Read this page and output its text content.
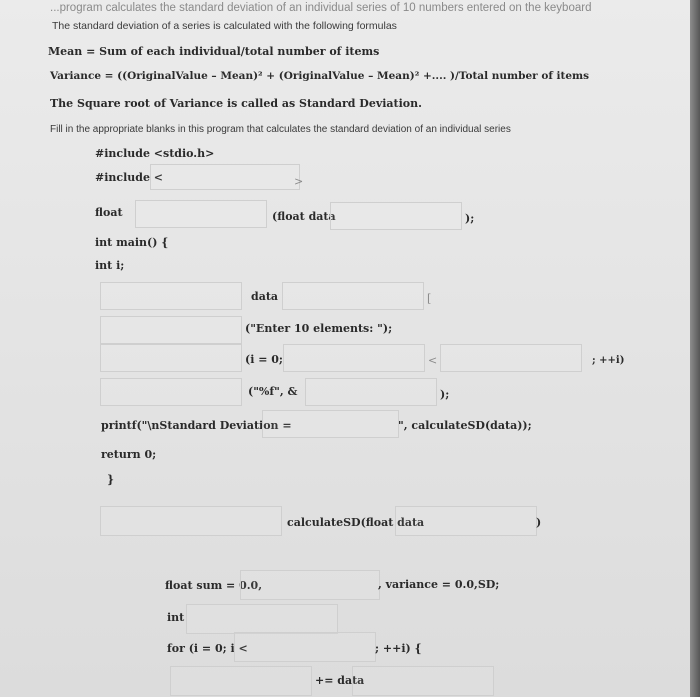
...program calculates the standard deviation of an individual series of 10 numbers entered on the keyboard
The standard deviation of a series is calculated with the following formulas
Mean = Sum of each individual/total number of items
Variance = ((OriginalValue – Mean)² + (OriginalValue – Mean)² +.... )/Total number of items
The Square root of Variance is called as Standard Deviation.
Fill in the appropriate blanks in this program that calculates the standard deviation of an individual series
#include <stdio.h>
#include <	>
float	(float data	);
int main() {
int i;
data	[
("Enter 10 elements: ");
(i = 0;	<	; ++i)
("%f", &	);
printf("\nStandard Deviation =	", calculateSD(data));
return 0;
}
calculateSD(float data	)
float sum = 0.0,	, variance = 0.0,SD;
int
for (i = 0; i <	; ++i) {
+= data
